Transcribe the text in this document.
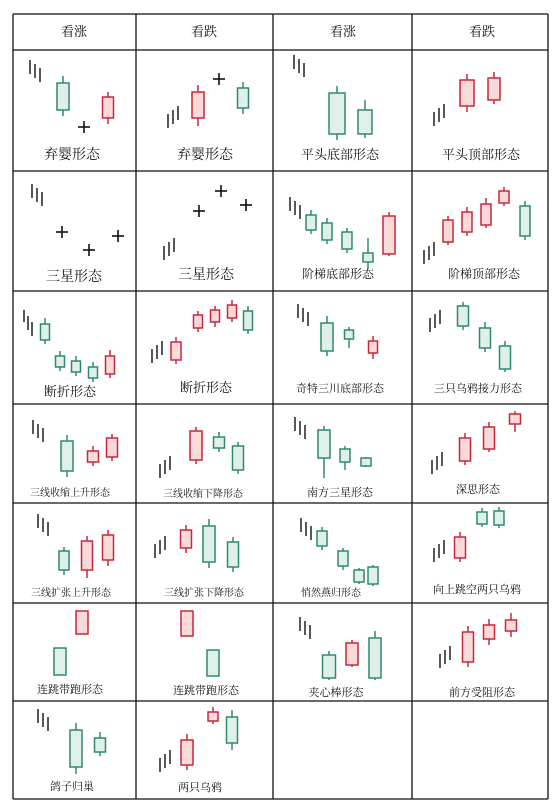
看涨	看跌	看涨	看跌
弃婴形态	弃婴形态	平头底部形态	平头顶部形态
三星形态	三星形态	阶梯底部形态	阶梯顶部形态
断折形态	断折形态	奇特三川底部形态	三只乌鸦接力形态
三线收缩上升形态	三线收缩下降形态	南方三星形态	深思形态
三线扩张上升形态	三线扩张下降形态	悄然燕归形态	向上跳空两只乌鸦
连跳带跑形态	连跳带跑形态	夹心棒形态	前方受阻形态
鸽子归巢	两只乌鸦
